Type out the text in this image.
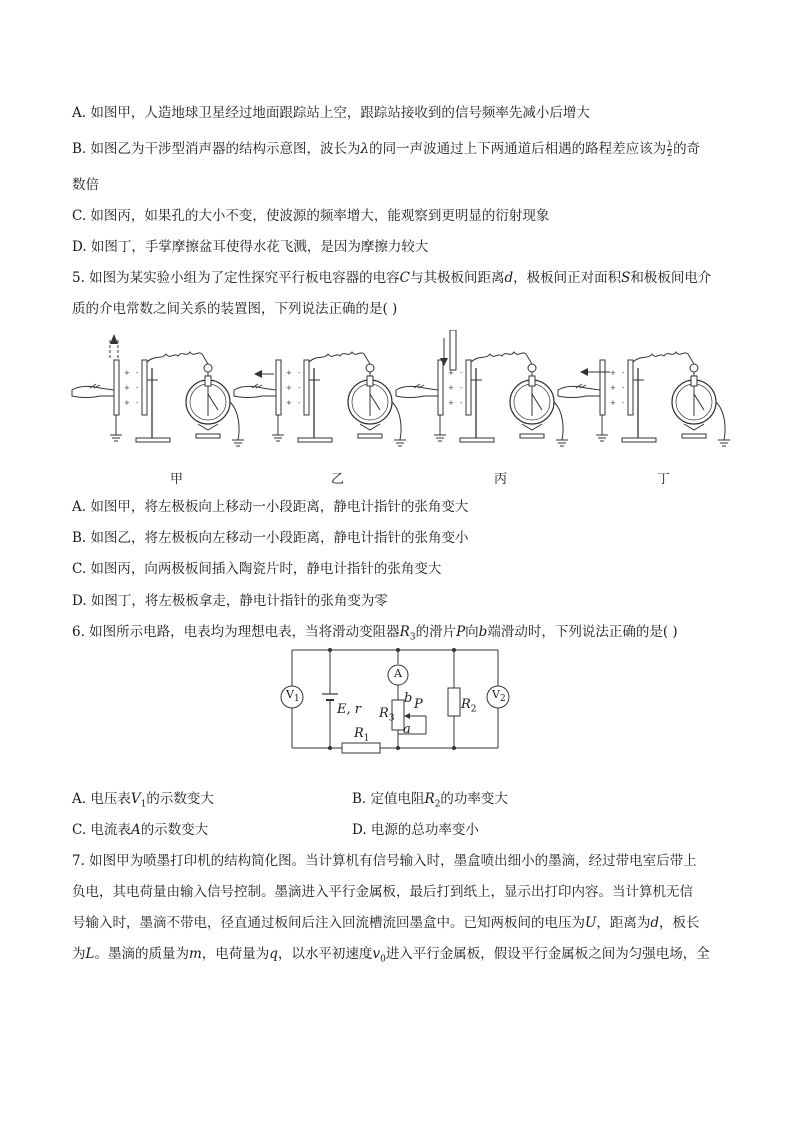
A. 如图甲，人造地球卫星经过地面跟踪站上空，跟踪站接收到的信号频率先减小后增大
B. 如图乙为干涉型消声器的结构示意图，波长为λ的同一声波通过上下两通道后相遇的路程差应该为 $\frac{\lambda}{2}$ 的奇
数倍
C. 如图丙，如果孔的大小不变，使波源的频率增大，能观察到更明显的衍射现象
D. 如图丁，手掌摩擦盆耳使得水花飞溅，是因为摩擦力较大
5. 如图为某实验小组为了定性探究平行板电容器的电容C与其极板间距离d，极板间正对面积S和极板间电介
质的介电常数之间关系的装置图，下列说法正确的是( )
甲	乙	丙	丁
A. 如图甲，将左极板向上移动一小段距离，静电计指针的张角变大
B. 如图乙，将左极板向左移动一小段距离，静电计指针的张角变小
C. 如图丙，向两极板间插入陶瓷片时，静电计指针的张角变大
D. 如图丁，将左极板拿走，静电计指针的张角变为零
6. 如图所示电路，电表均为理想电表，当将滑动变阻器$R_3$的滑片P向b端滑动时，下列说法正确的是( )
$V_1$	$V_2$
A
E, r
$R_1$
$R_2$
$R_3$
b P
a
A. 电压表$V_1$的示数变大	B. 定值电阻$R_2$的功率变大
C. 电流表A的示数变大	D. 电源的总功率变小
7. 如图甲为喷墨打印机的结构简化图。当计算机有信号输入时，墨盒喷出细小的墨滴，经过带电室后带上
负电，其电荷量由输入信号控制。墨滴进入平行金属板，最后打到纸上，显示出打印内容。当计算机无信
号输入时，墨滴不带电，径直通过板间后注入回流槽流回墨盒中。已知两板间的电压为U，距离为d，板长
为L。墨滴的质量为m，电荷量为q，以水平初速度$v_0$进入平行金属板，假设平行金属板之间为匀强电场，全
